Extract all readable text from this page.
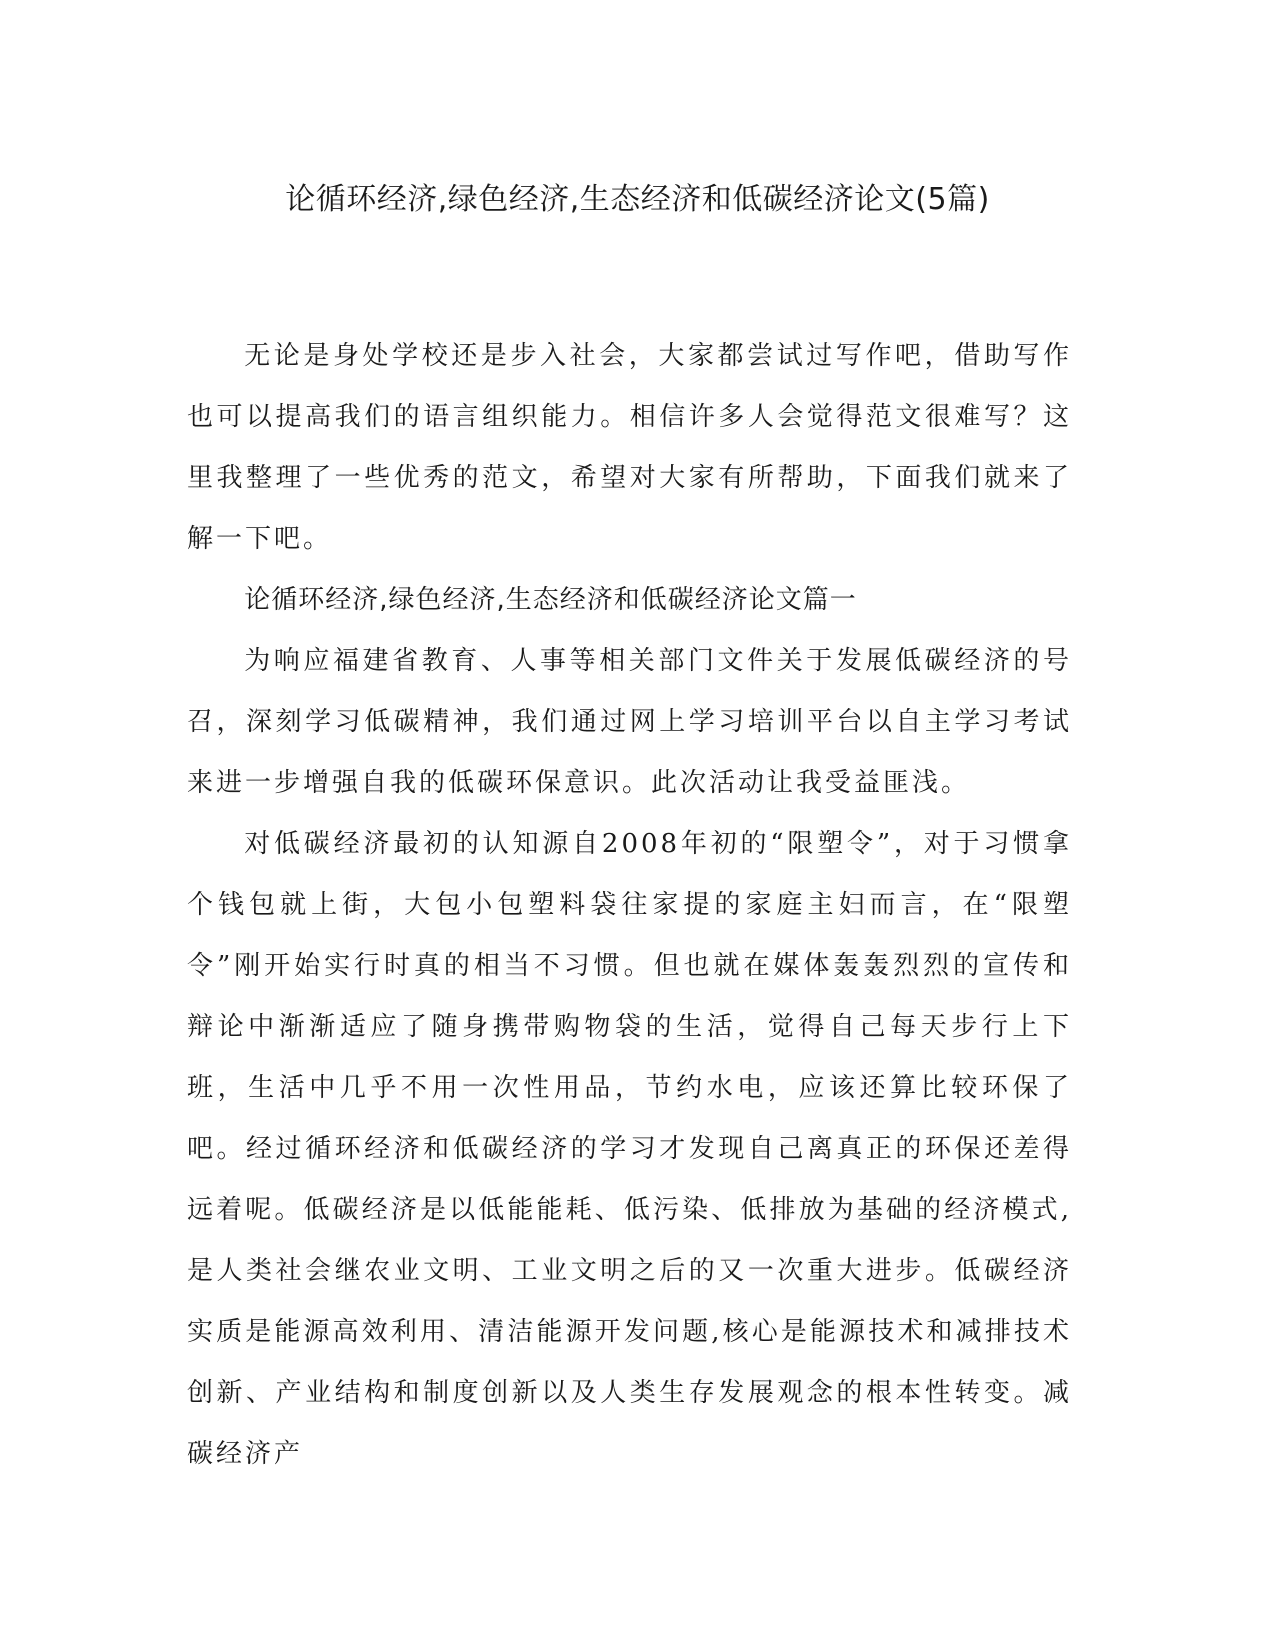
论循环经济,绿色经济,生态经济和低碳经济论文(5篇)

无论是身处学校还是步入社会，大家都尝试过写作吧，借助写作也可以提高我们的语言组织能力。相信许多人会觉得范文很难写？这里我整理了一些优秀的范文，希望对大家有所帮助，下面我们就来了解一下吧。

论循环经济,绿色经济,生态经济和低碳经济论文篇一

为响应福建省教育、人事等相关部门文件关于发展低碳经济的号召，深刻学习低碳精神，我们通过网上学习培训平台以自主学习考试来进一步增强自我的低碳环保意识。此次活动让我受益匪浅。

对低碳经济最初的认知源自2008年初的“限塑令”，对于习惯拿个钱包就上街，大包小包塑料袋往家提的家庭主妇而言，在“限塑令”刚开始实行时真的相当不习惯。但也就在媒体轰轰烈烈的宣传和辩论中渐渐适应了随身携带购物袋的生活，觉得自己每天步行上下班，生活中几乎不用一次性用品，节约水电，应该还算比较环保了吧。经过循环经济和低碳经济的学习才发现自己离真正的环保还差得远着呢。低碳经济是以低能能耗、低污染、低排放为基础的经济模式,是人类社会继农业文明、工业文明之后的又一次重大进步。低碳经济实质是能源高效利用、清洁能源开发问题,核心是能源技术和减排技术创新、产业结构和制度创新以及人类生存发展观念的根本性转变。减碳经济产
